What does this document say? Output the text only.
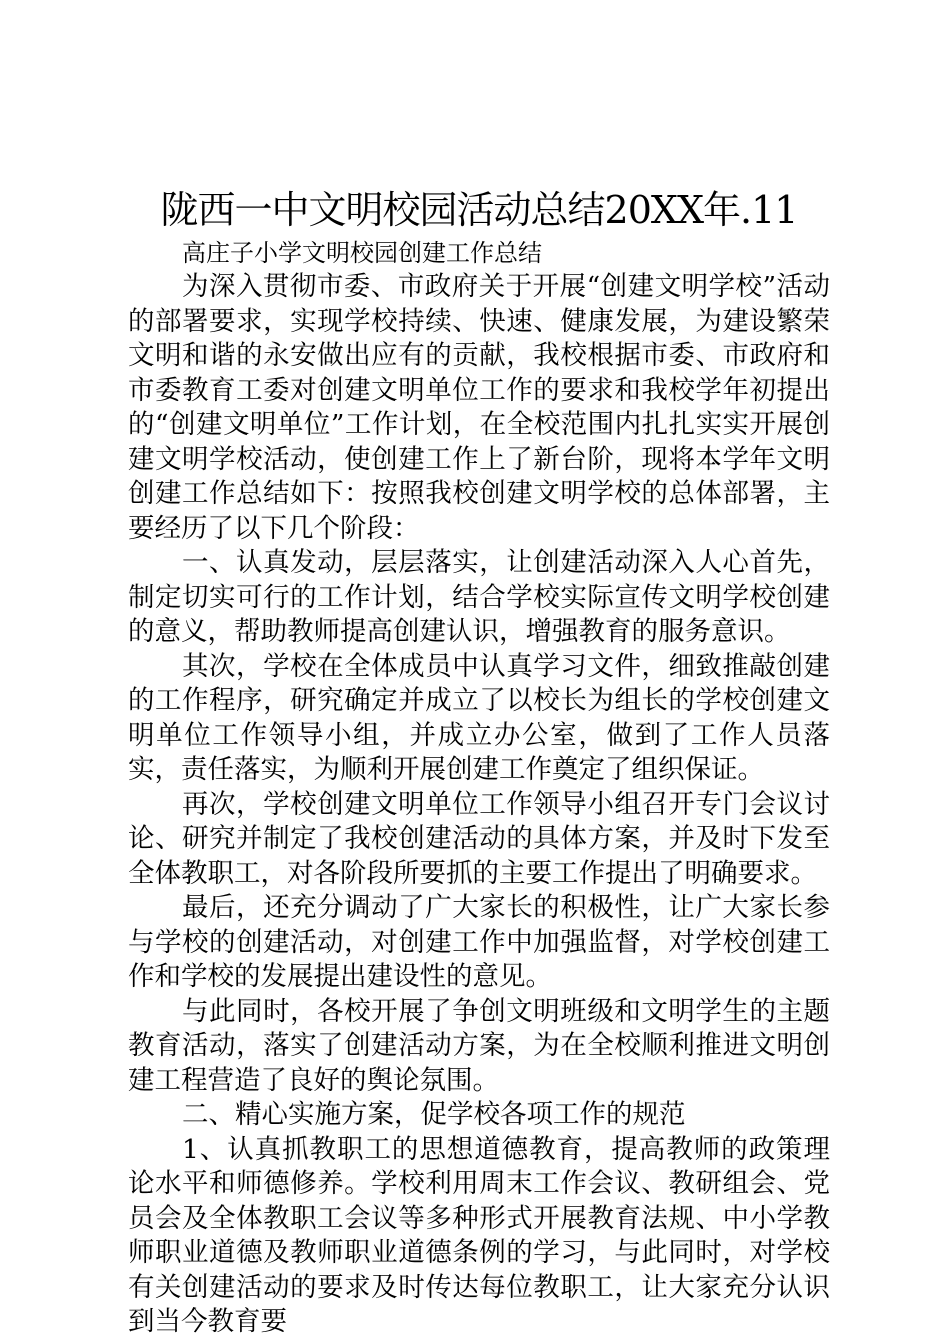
陇西一中文明校园活动总结20XX年.11

高庄子小学文明校园创建工作总结

为深入贯彻市委、市政府关于开展“创建文明学校”活动的部署要求，实现学校持续、快速、健康发展，为建设繁荣文明和谐的永安做出应有的贡献，我校根据市委、市政府和市委教育工委对创建文明单位工作的要求和我校学年初提出的“创建文明单位”工作计划，在全校范围内扎扎实实开展创建文明学校活动，使创建工作上了新台阶，现将本学年文明创建工作总结如下：按照我校创建文明学校的总体部署，主要经历了以下几个阶段：

一、认真发动，层层落实，让创建活动深入人心首先，制定切实可行的工作计划，结合学校实际宣传文明学校创建的意义，帮助教师提高创建认识，增强教育的服务意识。

其次，学校在全体成员中认真学习文件，细致推敲创建的工作程序，研究确定并成立了以校长为组长的学校创建文明单位工作领导小组，并成立办公室，做到了工作人员落实，责任落实，为顺利开展创建工作奠定了组织保证。

再次，学校创建文明单位工作领导小组召开专门会议讨论、研究并制定了我校创建活动的具体方案，并及时下发至全体教职工，对各阶段所要抓的主要工作提出了明确要求。

最后，还充分调动了广大家长的积极性，让广大家长参与学校的创建活动，对创建工作中加强监督，对学校创建工作和学校的发展提出建设性的意见。

与此同时，各校开展了争创文明班级和文明学生的主题教育活动，落实了创建活动方案，为在全校顺利推进文明创建工程营造了良好的舆论氛围。

二、精心实施方案，促学校各项工作的规范

1、认真抓教职工的思想道德教育，提高教师的政策理论水平和师德修养。学校利用周末工作会议、教研组会、党员会及全体教职工会议等多种形式开展教育法规、中小学教师职业道德及教师职业道德条例的学习，与此同时，对学校有关创建活动的要求及时传达每位教职工，让大家充分认识到当今教育要
